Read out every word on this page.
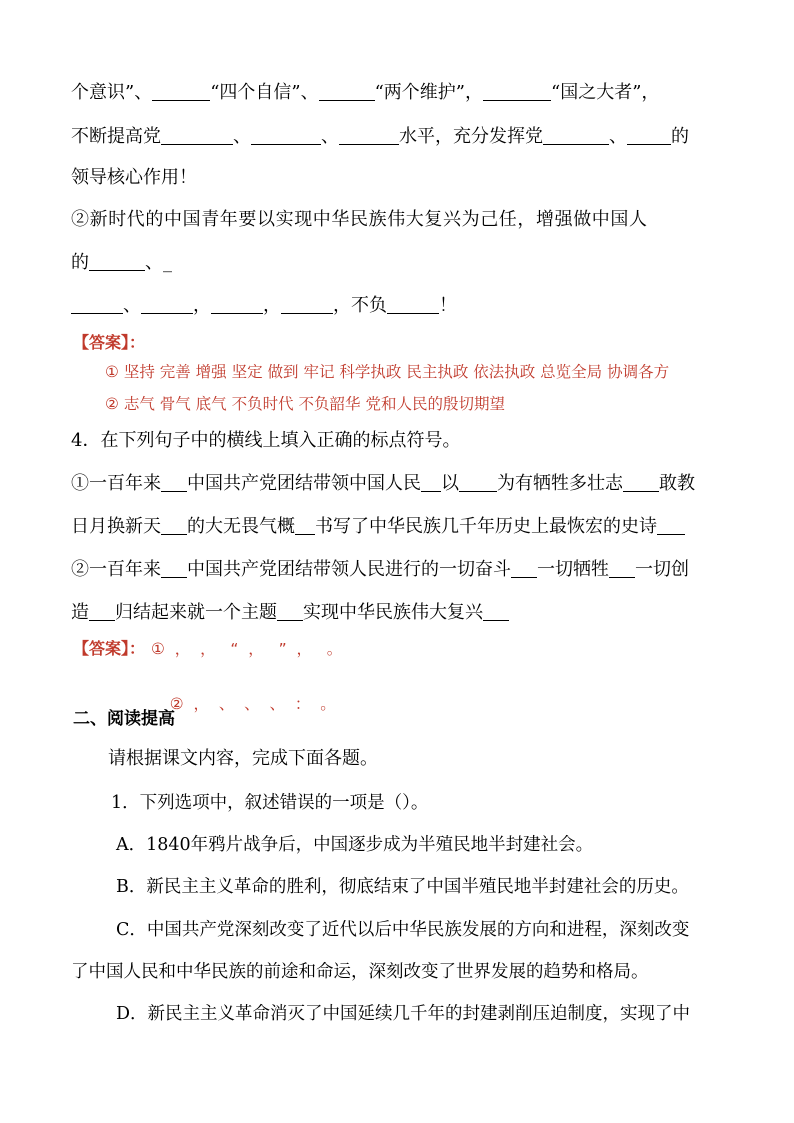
个意识”、	“四个自信”、	“两个维护”，	“国之大者”，
不断提高党	、	、	水平，充分发挥党	、 的
领导核心作用！
②新时代的中国青年要以实现中华民族伟大复兴为己任，增强做中国人
的	、_
、	，	，	，不负	！
【答案】：
① 坚持 完善 增强 坚定 做到 牢记 科学执政 民主执政 依法执政 总览全局 协调各方
② 志气 骨气 底气 不负时代 不负韶华 党和人民的殷切期望
4．在下列句子中的横线上填入正确的标点符号。
①一百年来 中国共产党团结带领中国人民 以 为有牺牲多壮志 敢教
日月换新天 的大无畏气概 书写了中华民族几千年历史上最恢宏的史诗
②一百年来 中国共产党团结带领人民进行的一切奋斗 一切牺牲 一切创
造 归结起来就一个主题 实现中华民族伟大复兴
【答案】： ①  ，  ，   “  ，   ”  ，   。

②  ，  、  、  、  ：  。

二、阅读提高
请根据课文内容，完成下面各题。
1．下列选项中，叙述错误的一项是（）。
A．1840年鸦片战争后，中国逐步成为半殖民地半封建社会。
B．新民主主义革命的胜利，彻底结束了中国半殖民地半封建社会的历史。
C．中国共产党深刻改变了近代以后中华民族发展的方向和进程，深刻改变
了中国人民和中华民族的前途和命运，深刻改变了世界发展的趋势和格局。
D．新民主主义革命消灭了中国延续几千年的封建剥削压迫制度，实现了中
